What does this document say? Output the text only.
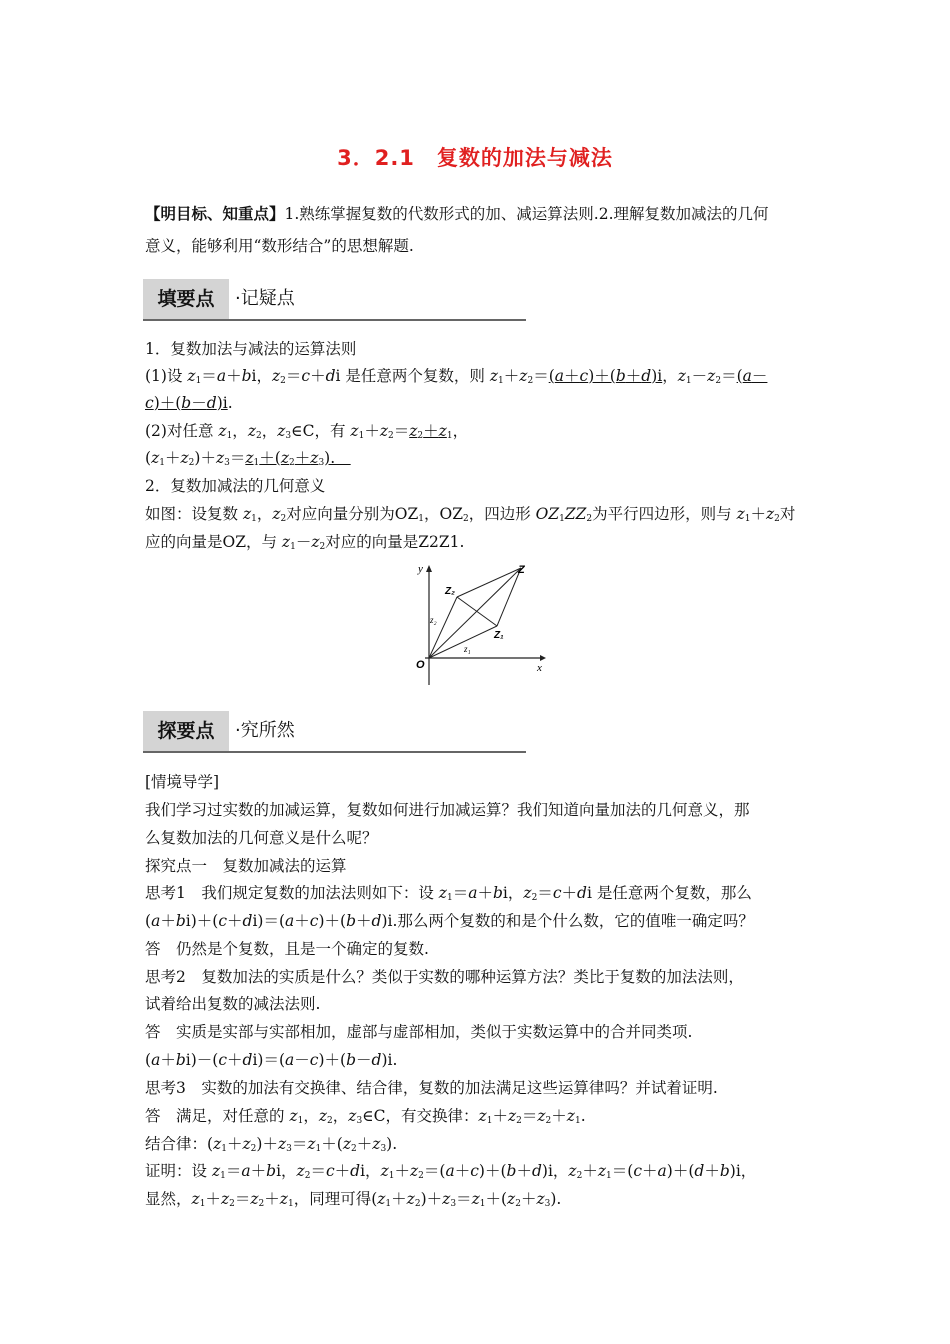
3．2.1　复数的加法与减法
【明目标、知重点】1.熟练掌握复数的代数形式的加、减运算法则.2.理解复数加减法的几何
意义，能够利用“数形结合”的思想解题.
填要点	·记疑点
1．复数加法与减法的运算法则
(1)设 $z_1=a+bi$，$z_2=c+di$ 是任意两个复数，则 $z_1+z_2=(a+c)+(b+d)i$，$z_1-z_2=(a-$
c)＋(b－d)i.
(2)对任意 $z_1$，$z_2$，$z_3\in C$，有 $z_1+z_2=z_2+z_1$，
$(z_1+z_2)+z_3=z_1+(z_2+z_3)$.　
2．复数加减法的几何意义
如图：设复数 $z_1$，$z_2$对应向量分别为$OZ_1$，$OZ_2$，四边形 $OZ_1ZZ_2$为平行四边形，则与 $z_1+z_2$对
应的向量是OZ，与 $z_1-z_2$对应的向量是Z2Z1.
y
x
O
Z
Z₂
Z₁
z₂
z₁
探要点	·究所然
[情境导学]
我们学习过实数的加减运算，复数如何进行加减运算？我们知道向量加法的几何意义，那
么复数加法的几何意义是什么呢？
探究点一　复数加减法的运算
思考1　我们规定复数的加法法则如下：设 $z_1=a+bi$，$z_2=c+di$ 是任意两个复数，那么
(a＋bi)＋(c＋di)＝(a＋c)＋(b＋d)i.那么两个复数的和是个什么数，它的值唯一确定吗？
答　仍然是个复数，且是一个确定的复数.
思考2　复数加法的实质是什么？类似于实数的哪种运算方法？类比于复数的加法法则，
试着给出复数的减法法则.
答　实质是实部与实部相加，虚部与虚部相加，类似于实数运算中的合并同类项.
(a＋bi)－(c＋di)＝(a－c)＋(b－d)i.
思考3　实数的加法有交换律、结合律，复数的加法满足这些运算律吗？并试着证明.
答　满足，对任意的 $z_1$，$z_2$，$z_3\in C$，有交换律：$z_1+z_2=z_2+z_1$.
结合律：$(z_1+z_2)+z_3=z_1+(z_2+z_3)$.
证明：设 $z_1=a+bi$，$z_2=c+di$，$z_1+z_2=(a+c)+(b+d)i$，$z_2+z_1=(c+a)+(d+b)i$，
显然，$z_1+z_2=z_2+z_1$，同理可得$(z_1+z_2)+z_3=z_1+(z_2+z_3)$.
